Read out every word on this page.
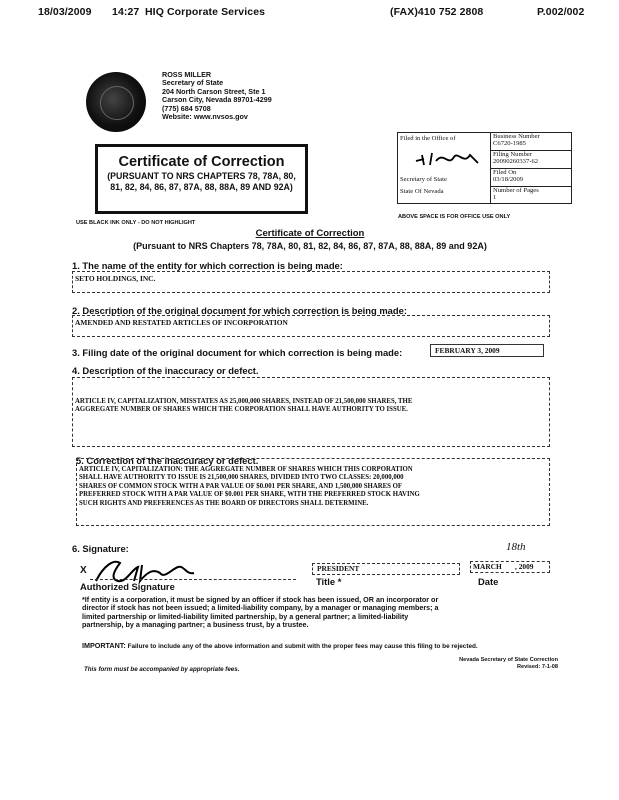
18/03/2009 14:27 HIQ Corporate Services	(FAX)410 752 2808	P.002/002
ROSS MILLER
Secretary of State
204 North Carson Street, Ste 1
Carson City, Nevada 89701-4299
(775) 684 5708
Website: www.nvsos.gov
Certificate of Correction
(PURSUANT TO NRS CHAPTERS 78, 78A, 80, 81, 82, 84, 86, 87, 87A, 88, 88A, 89 AND 92A)
USE BLACK INK ONLY - DO NOT HIGHLIGHT
Filed in the Office of
Secretary of State
State Of Nevada
Business Number
C6720-1985
Filing Number
20090260337-62
Filed On
03/18/2009
Number of Pages
1
ABOVE SPACE IS FOR OFFICE USE ONLY
Certificate of Correction
(Pursuant to NRS Chapters 78, 78A, 80, 81, 82, 84, 86, 87, 87A, 88, 88A, 89 and 92A)
1. The name of the entity for which correction is being made:
SETO HOLDINGS, INC.
2. Description of the original document for which correction is being made:
AMENDED AND RESTATED ARTICLES OF INCORPORATION
3. Filing date of the original document for which correction is being made:	FEBRUARY 3, 2009
4. Description of the inaccuracy or defect.
ARTICLE IV, CAPITALIZATION, MISSTATES AS 25,000,000 SHARES, INSTEAD OF 21,500,000 SHARES, THE
AGGREGATE NUMBER OF SHARES WHICH THE CORPORATION SHALL HAVE AUTHORITY TO ISSUE.
5. Correction of the inaccuracy or defect.
ARTICLE IV, CAPITALIZATION: THE AGGREGATE NUMBER OF SHARES WHICH THIS CORPORATION
SHALL HAVE AUTHORITY TO ISSUE IS 21,500,000 SHARES, DIVIDED INTO TWO CLASSES: 20,000,000
SHARES OF COMMON STOCK WITH A PAR VALUE OF $0.001 PER SHARE, AND 1,500,000 SHARES OF
PREFERRED STOCK WITH A PAR VALUE OF $0.001 PER SHARE, WITH THE PREFERRED STOCK HAVING
SUCH RIGHTS AND PREFERENCES AS THE BOARD OF DIRECTORS SHALL DETERMINE.
6. Signature:
X
Authorized Signature
PRESIDENT
Title *
18th
MARCH , 2009
Date
*If entity is a corporation, it must be signed by an officer if stock has been issued, OR an incorporator or
director if stock has not been issued; a limited-liability company, by a manager or managing members; a
limited partnership or limited-liability limited partnership, by a general partner; a limited-liability
partnership, by a managing partner; a business trust, by a trustee.
IMPORTANT: Failure to include any of the above information and submit with the proper fees may cause this filing to be rejected.
This form must be accompanied by appropriate fees.
Nevada Secretary of State Correction
Revised: 7-1-08
